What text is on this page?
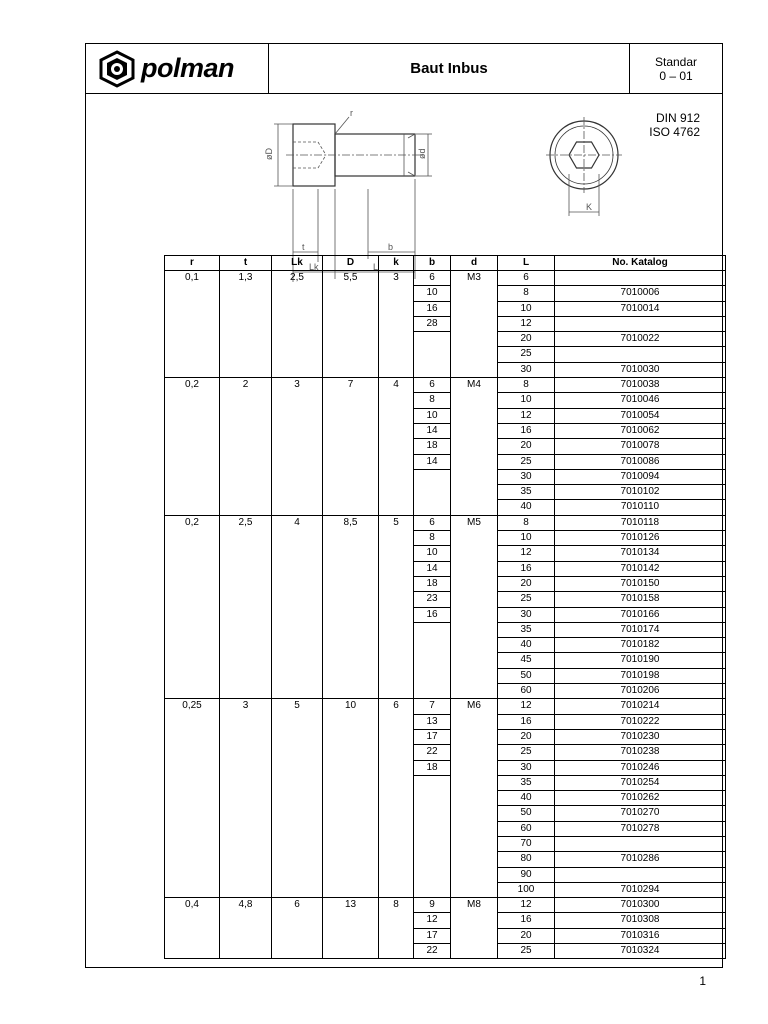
polman	Baut Inbus	Standar
0 – 01
DIN 912
ISO 4762
øD	ød
r
t
Lk
b
L
K
r	t	Lk	D	k	b	d	L	No. Katalog
0,1	1,3	2,5	5,5	3	6	M3	6	
					10		8	7010006
					16		10	7010014
					28		12	
							20	7010022
							25	
							30	7010030
0,2	2	3	7	4	6	M4	8	7010038
					8		10	7010046
					10		12	7010054
					14		16	7010062
					18		20	7010078
					14		25	7010086
							30	7010094
							35	7010102
							40	7010110
0,2	2,5	4	8,5	5	6	M5	8	7010118
					8		10	7010126
					10		12	7010134
					14		16	7010142
					18		20	7010150
					23		25	7010158
					16		30	7010166
							35	7010174
							40	7010182
							45	7010190
							50	7010198
							60	7010206
0,25	3	5	10	6	7	M6	12	7010214
					13		16	7010222
					17		20	7010230
					22		25	7010238
					18		30	7010246
							35	7010254
							40	7010262
							50	7010270
							60	7010278
							70	
							80	7010286
							90	
							100	7010294
0,4	4,8	6	13	8	9	M8	12	7010300
					12		16	7010308
					17		20	7010316
					22		25	7010324
1
